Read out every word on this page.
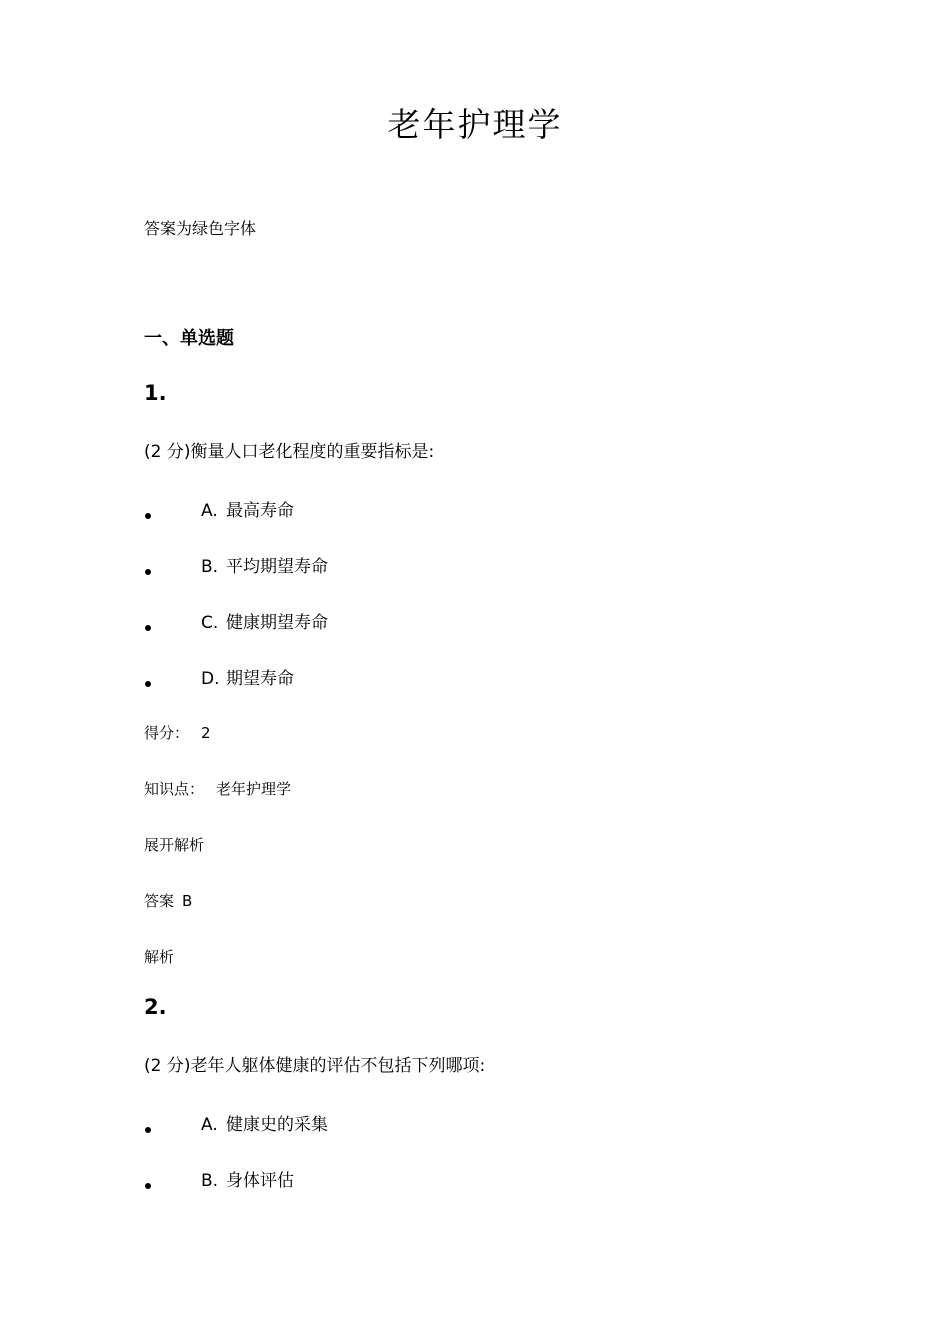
老年护理学
答案为绿色字体
一、单选题
1.
(2 分)衡量人口老化程度的重要指标是:
A. 最高寿命
B. 平均期望寿命
C. 健康期望寿命
D. 期望寿命
得分： 2
知识点： 老年护理学
展开解析
答案 B
解析
2.
(2 分)老年人躯体健康的评估不包括下列哪项:
A. 健康史的采集
B. 身体评估
